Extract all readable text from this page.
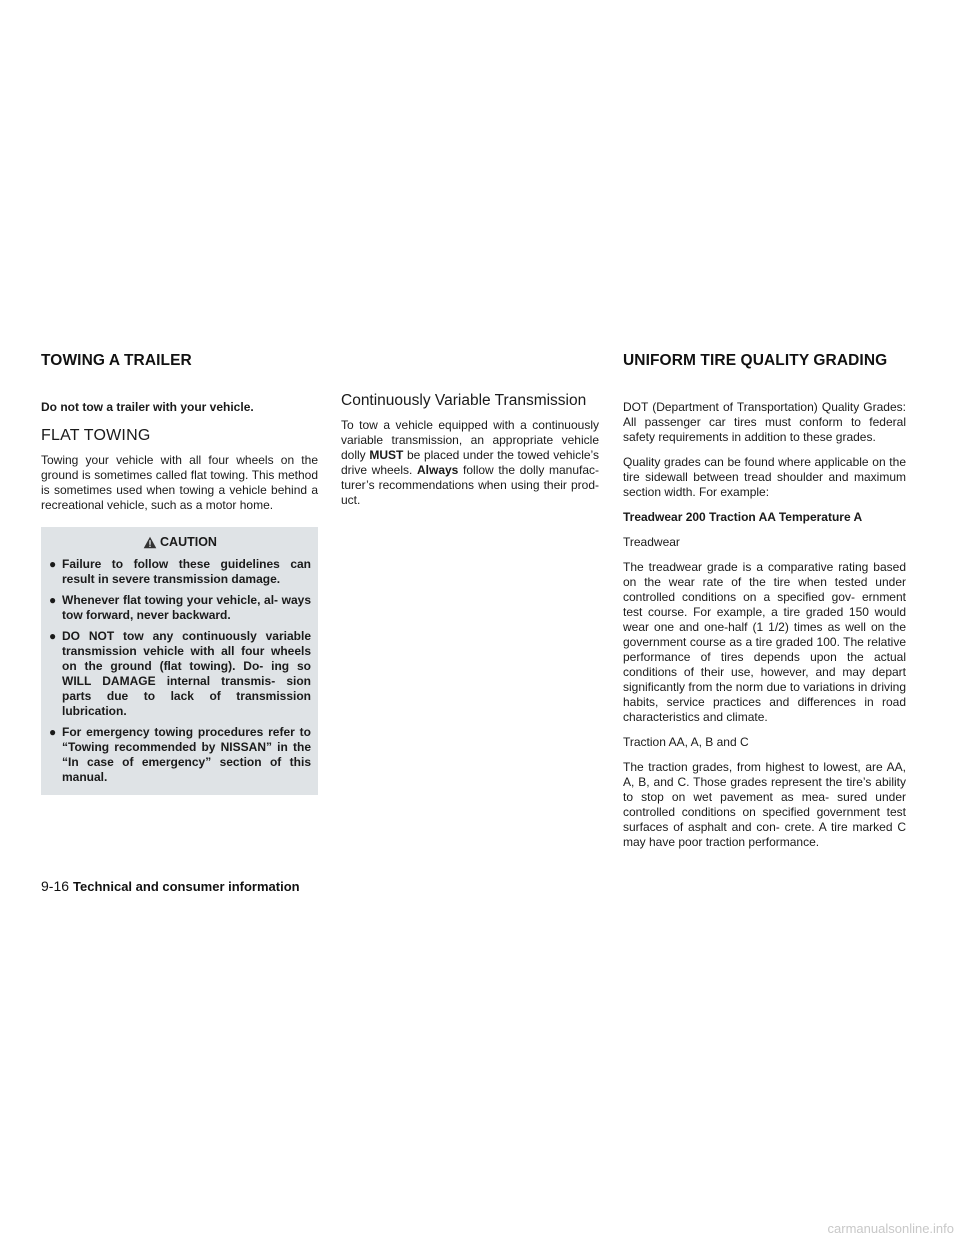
TOWING A TRAILER	UNIFORM TIRE QUALITY GRADING

Do not tow a trailer with your vehicle.

FLAT TOWING

Towing your vehicle with all four wheels on the ground is sometimes called flat towing. This method is sometimes used when towing a vehicle behind a recreational vehicle, such as a motor home.

CAUTION
● Failure to follow these guidelines can result in severe transmission damage.
● Whenever flat towing your vehicle, al- ways tow forward, never backward.
● DO NOT tow any continuously variable transmission vehicle with all four wheels on the ground (flat towing). Do- ing so WILL DAMAGE internal transmis- sion parts due to lack of transmission lubrication.
● For emergency towing procedures refer to “Towing recommended by NISSAN” in the “In case of emergency” section of this manual.
Continuously Variable Transmission

To tow a vehicle equipped with a continuously variable transmission, an appropriate vehicle dolly MUST be placed under the towed vehicle’s drive wheels. Always follow the dolly manufac- turer’s recommendations when using their prod- uct.

DOT (Department of Transportation) Quality Grades: All passenger car tires must conform to federal safety requirements in addition to these grades.

Quality grades can be found where applicable on the tire sidewall between tread shoulder and maximum section width. For example:

Treadwear 200 Traction AA Temperature A

Treadwear

The treadwear grade is a comparative rating based on the wear rate of the tire when tested under controlled conditions on a specified gov- ernment test course. For example, a tire graded 150 would wear one and one-half (1 1/2) times as well on the government course as a tire graded 100. The relative performance of tires depends upon the actual conditions of their use, however, and may depart significantly from the norm due to variations in driving habits, service practices and differences in road characteristics and climate.

Traction AA, A, B and C

The traction grades, from highest to lowest, are AA, A, B, and C. Those grades represent the tire’s ability to stop on wet pavement as mea- sured under controlled conditions on specified government test surfaces of asphalt and con- crete. A tire marked C may have poor traction performance.

9-16 Technical and consumer information
carmanualsonline.info
